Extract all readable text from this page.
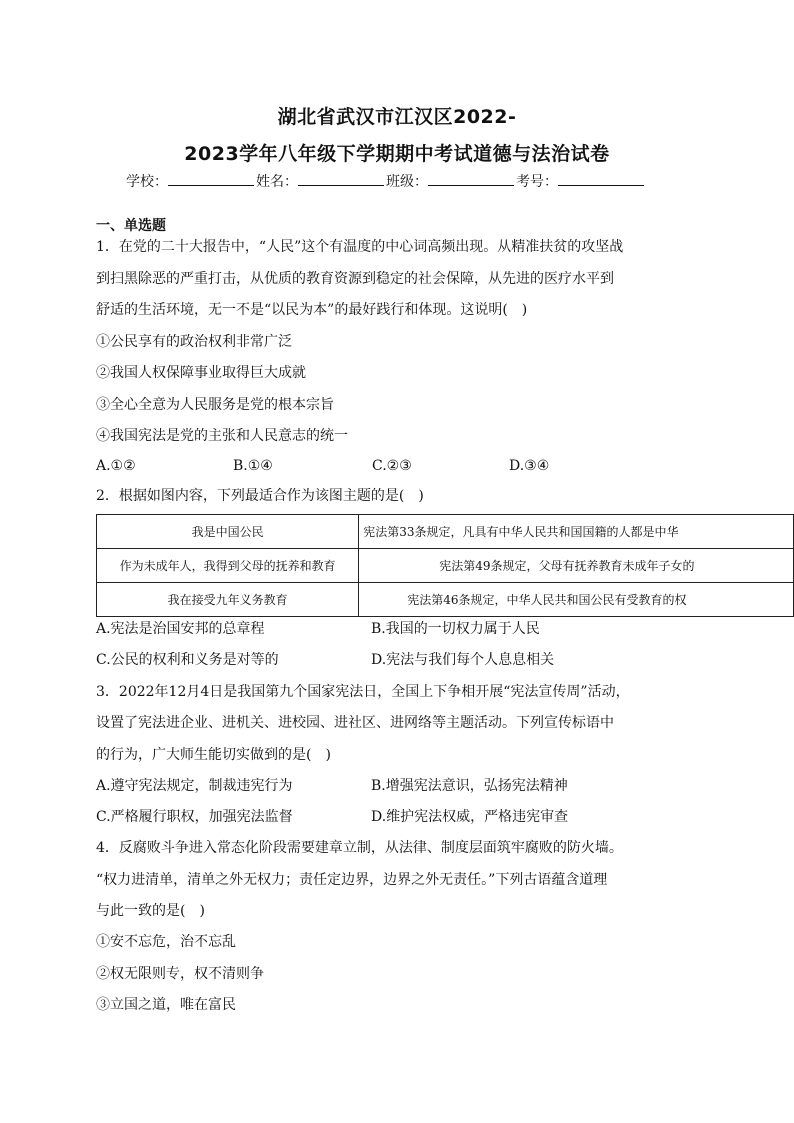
湖北省武汉市江汉区2022-
2023学年八年级下学期期中考试道德与法治试卷
学校：	姓名：	班级：	考号：
一、单选题
1．在党的二十大报告中，“人民”这个有温度的中心词高频出现。从精准扶贫的攻坚战
到扫黑除恶的严重打击，从优质的教育资源到稳定的社会保障，从先进的医疗水平到
舒适的生活环境，无一不是“以民为本”的最好践行和体现。这说明(　)
①公民享有的政治权利非常广泛
②我国人权保障事业取得巨大成就
③全心全意为人民服务是党的根本宗旨
④我国宪法是党的主张和人民意志的统一
A.①②	B.①④	C.②③	D.③④
2．根据如图内容，下列最适合作为该图主题的是(　)
我是中国公民	宪法第33条规定，凡具有中华人民共和国国籍的人都是中华
作为未成年人，我得到父母的抚养和教育	宪法第49条规定，父母有抚养教育未成年子女的
我在接受九年义务教育	宪法第46条规定，中华人民共和国公民有受教育的权
A.宪法是治国安邦的总章程	B.我国的一切权力属于人民
C.公民的权利和义务是对等的	D.宪法与我们每个人息息相关
3．2022年12月4日是我国第九个国家宪法日，全国上下争相开展“宪法宣传周”活动，
设置了宪法进企业、进机关、进校园、进社区、进网络等主题活动。下列宣传标语中
的行为，广大师生能切实做到的是(　)
A.遵守宪法规定，制裁违宪行为	B.增强宪法意识，弘扬宪法精神
C.严格履行职权，加强宪法监督	D.维护宪法权威，严格违宪审查
4．反腐败斗争进入常态化阶段需要建章立制，从法律、制度层面筑牢腐败的防火墙。
“权力进清单，清单之外无权力；责任定边界，边界之外无责任。”下列古语蕴含道理
与此一致的是(　)
①安不忘危，治不忘乱
②权无限则专，权不清则争
③立国之道，唯在富民
